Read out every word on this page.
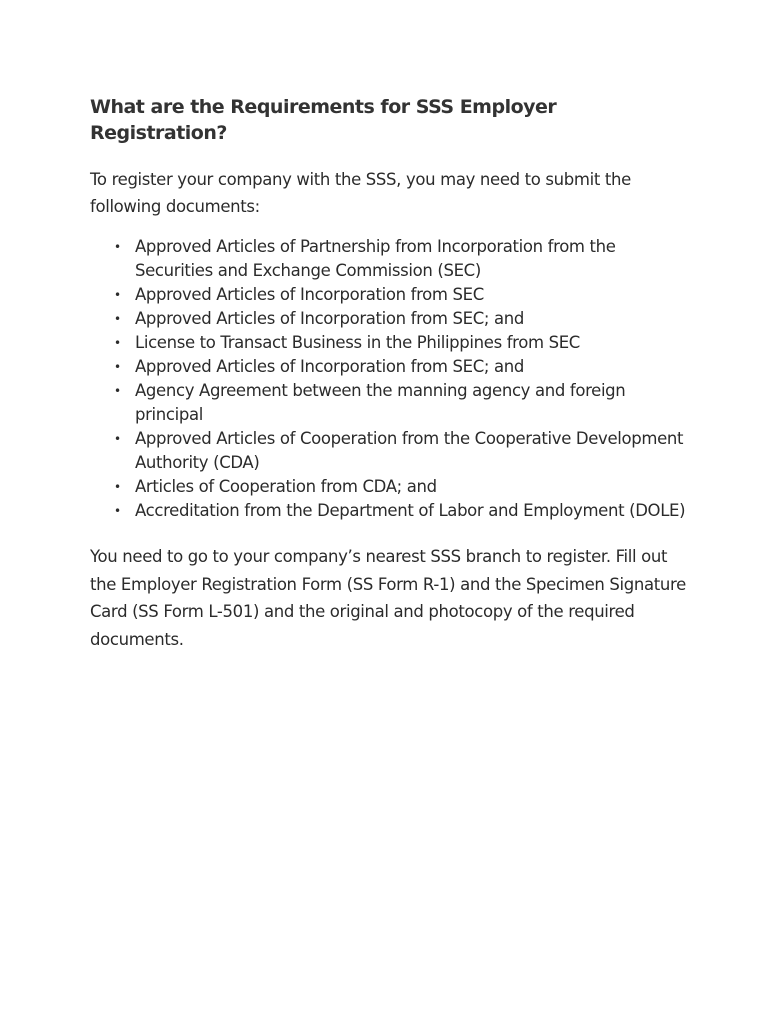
What are the Requirements for SSS Employer Registration?

To register your company with the SSS, you may need to submit the following documents:

• Approved Articles of Partnership from Incorporation from the Securities and Exchange Commission (SEC)
• Approved Articles of Incorporation from SEC
• Approved Articles of Incorporation from SEC; and
• License to Transact Business in the Philippines from SEC
• Approved Articles of Incorporation from SEC; and
• Agency Agreement between the manning agency and foreign principal
• Approved Articles of Cooperation from the Cooperative Development Authority (CDA)
• Articles of Cooperation from CDA; and
• Accreditation from the Department of Labor and Employment (DOLE)

You need to go to your company’s nearest SSS branch to register. Fill out the Employer Registration Form (SS Form R-1) and the Specimen Signature Card (SS Form L-501) and the original and photocopy of the required documents.
